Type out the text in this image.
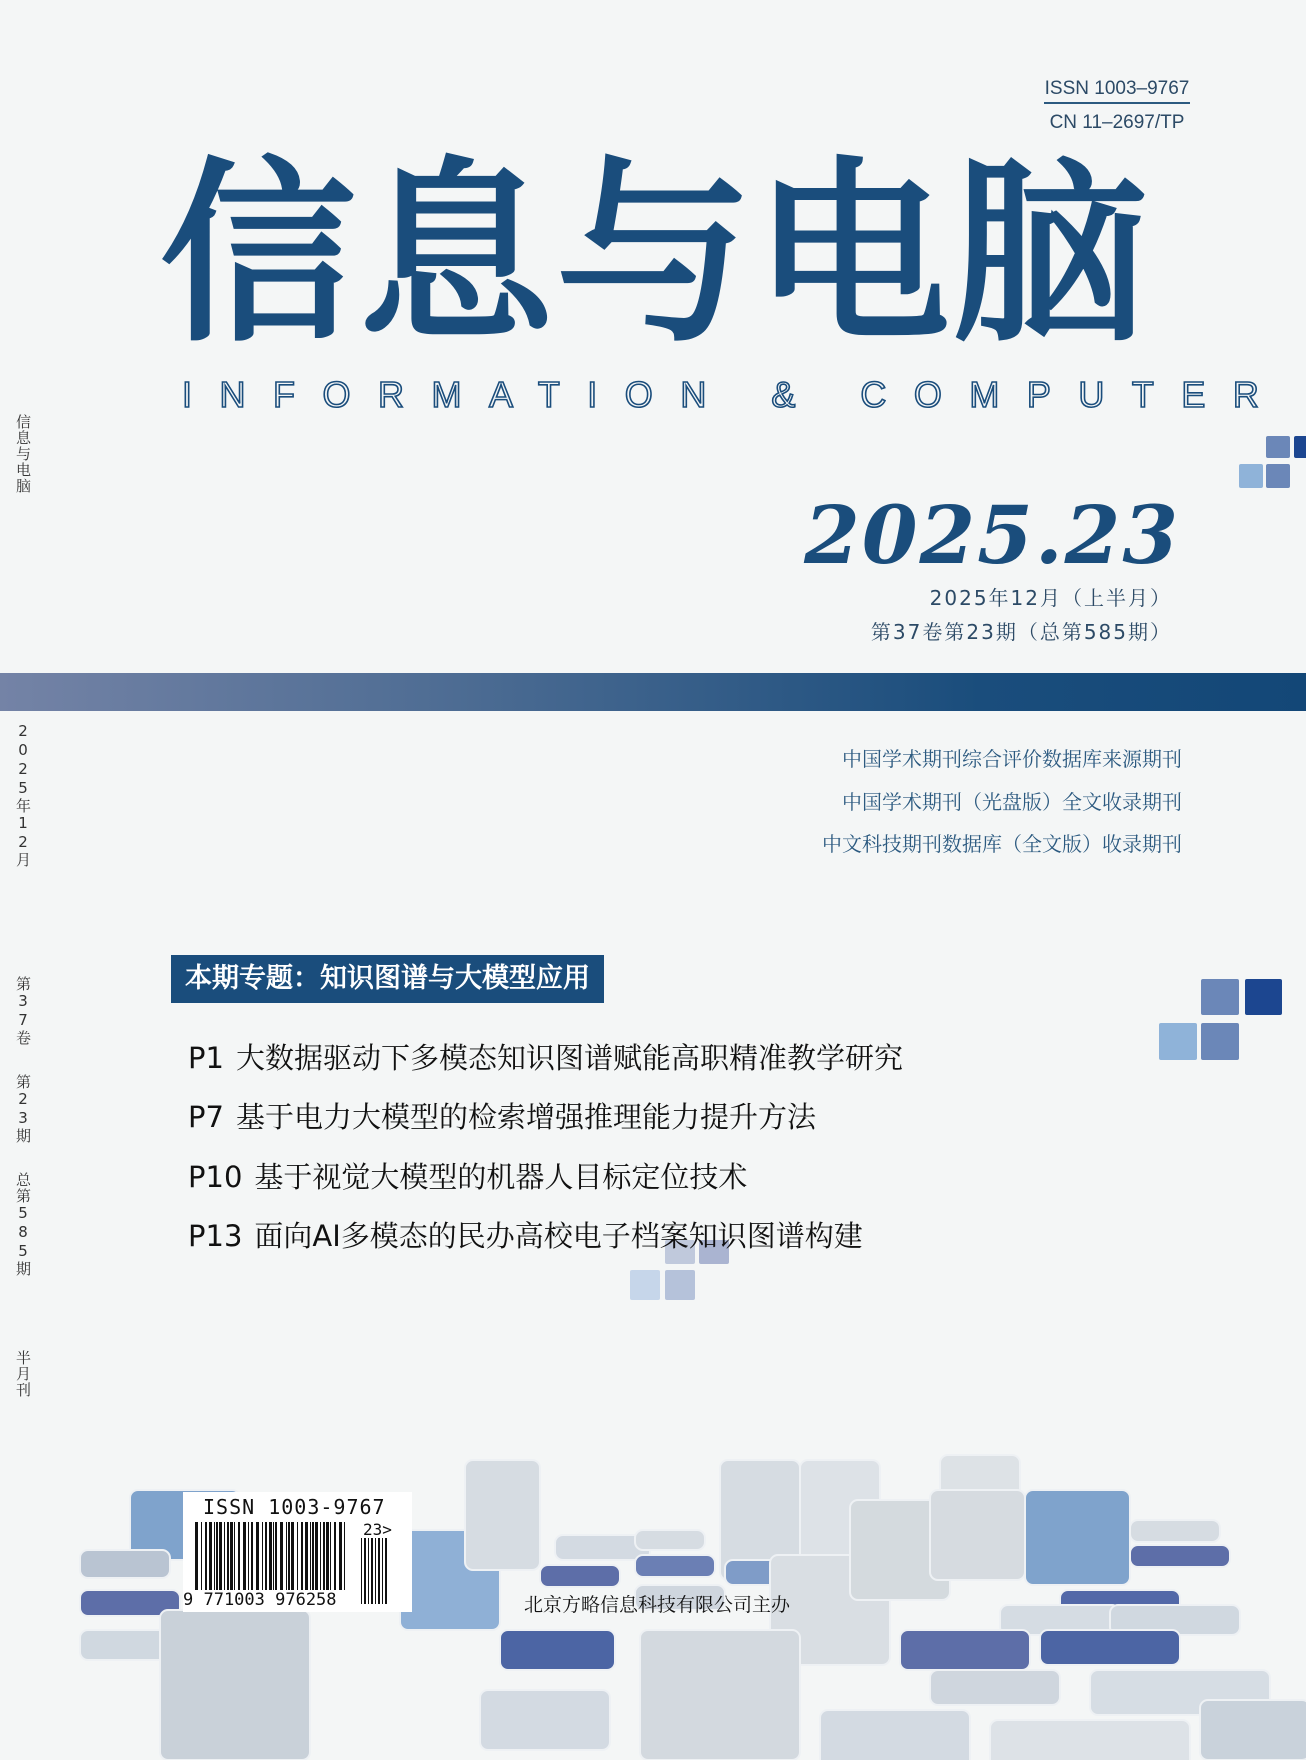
ISSN 1003–9767
CN 11–2697/TP
信息与电脑
INFORMATION & COMPUTER
2025.23
2025年12月（上半月）
第37卷第23期（总第585期）
中国学术期刊综合评价数据库来源期刊
中国学术期刊（光盘版）全文收录期刊
中文科技期刊数据库（全文版）收录期刊
信息与电脑
2025年12月
第37卷
第23期
总第585期
半月刊
本期专题：知识图谱与大模型应用
P1 大数据驱动下多模态知识图谱赋能高职精准教学研究
P7 基于电力大模型的检索增强推理能力提升方法
P10 基于视觉大模型的机器人目标定位技术
P13 面向AI多模态的民办高校电子档案知识图谱构建
ISSN 1003-9767
23>
9 771003 976258	北京方略信息科技有限公司主办
